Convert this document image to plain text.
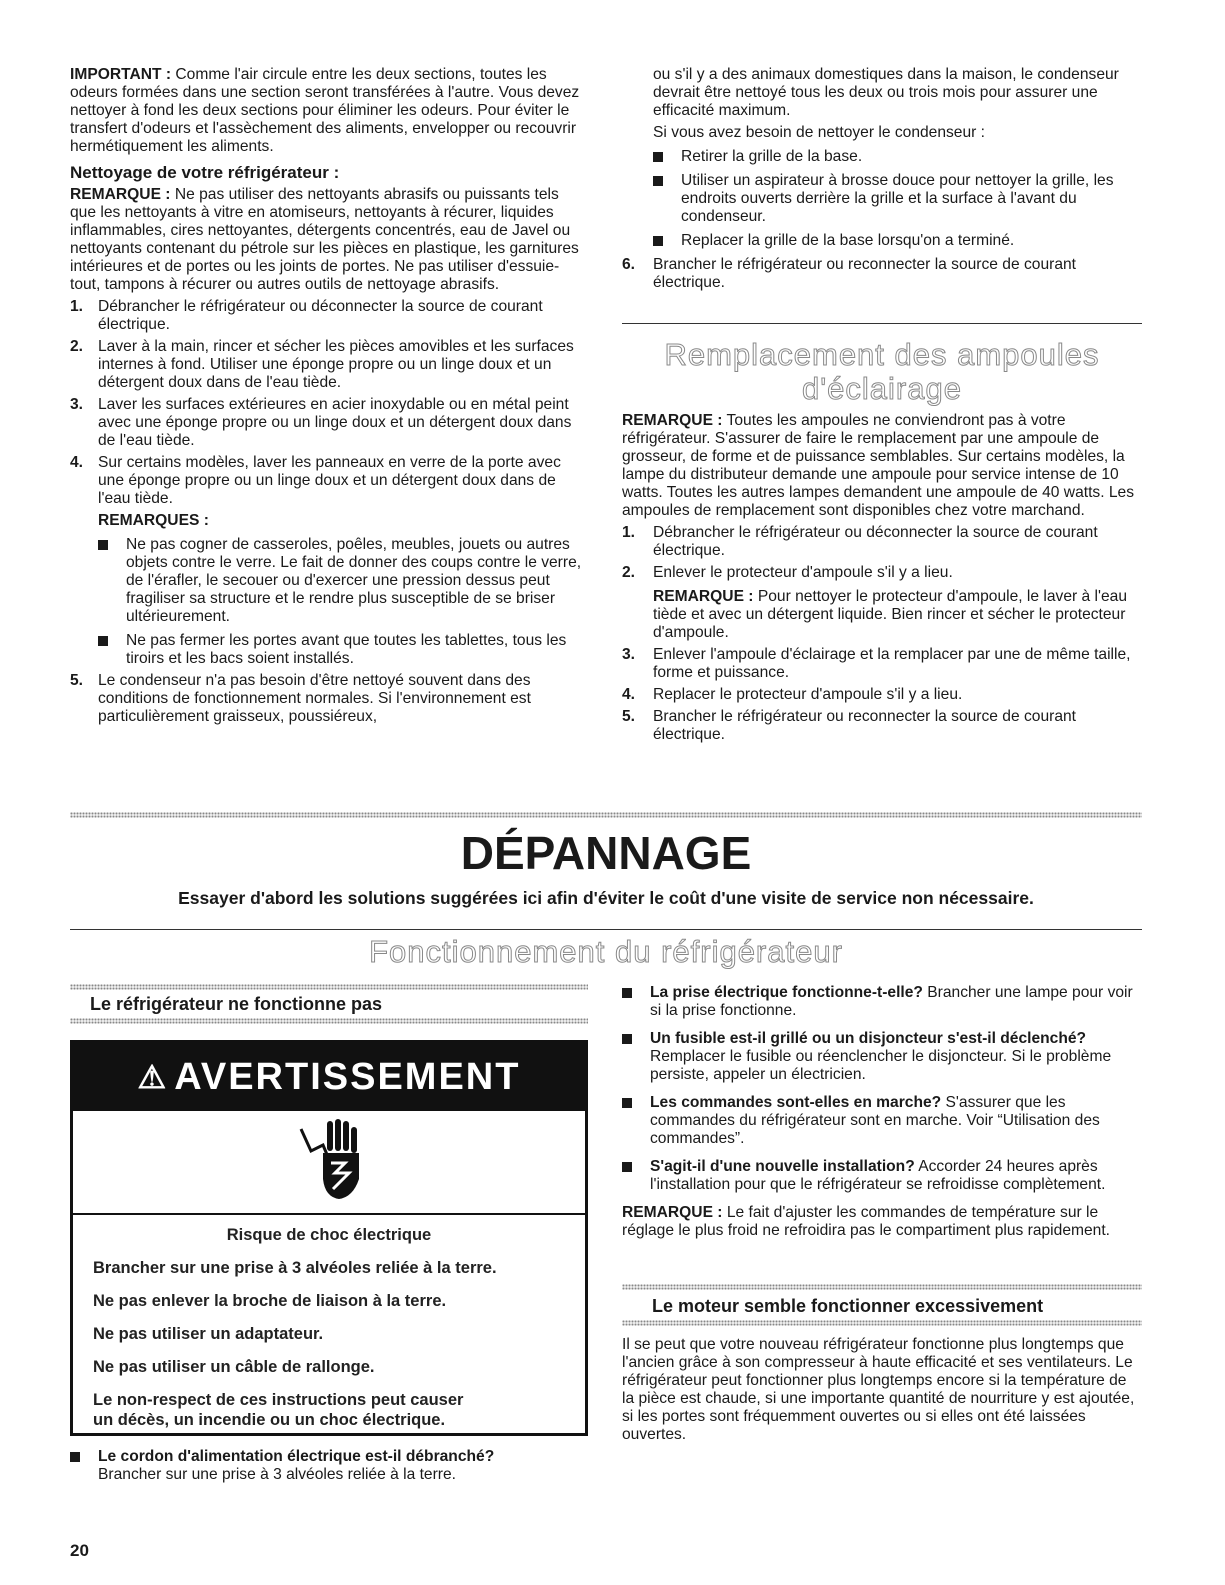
IMPORTANT : Comme l'air circule entre les deux sections, toutes les odeurs formées dans une section seront transférées à l'autre. Vous devez nettoyer à fond les deux sections pour éliminer les odeurs. Pour éviter le transfert d'odeurs et l'assèchement des aliments, envelopper ou recouvrir hermétiquement les aliments.

Nettoyage de votre réfrigérateur :

REMARQUE : Ne pas utiliser des nettoyants abrasifs ou puissants tels que les nettoyants à vitre en atomiseurs, nettoyants à récurer, liquides inflammables, cires nettoyantes, détergents concentrés, eau de Javel ou nettoyants contenant du pétrole sur les pièces en plastique, les garnitures intérieures et de portes ou les joints de portes. Ne pas utiliser d'essuie-tout, tampons à récurer ou autres outils de nettoyage abrasifs.

1. Débrancher le réfrigérateur ou déconnecter la source de courant électrique.
2. Laver à la main, rincer et sécher les pièces amovibles et les surfaces internes à fond. Utiliser une éponge propre ou un linge doux et un détergent doux dans de l'eau tiède.
3. Laver les surfaces extérieures en acier inoxydable ou en métal peint avec une éponge propre ou un linge doux et un détergent doux dans de l'eau tiède.
4. Sur certains modèles, laver les panneaux en verre de la porte avec une éponge propre ou un linge doux et un détergent doux dans de l'eau tiède.

REMARQUES :

Ne pas cogner de casseroles, poêles, meubles, jouets ou autres objets contre le verre. Le fait de donner des coups contre le verre, de l'érafler, le secouer ou d'exercer une pression dessus peut fragiliser sa structure et le rendre plus susceptible de se briser ultérieurement.
Ne pas fermer les portes avant que toutes les tablettes, tous les tiroirs et les bacs soient installés.
5. Le condenseur n'a pas besoin d'être nettoyé souvent dans des conditions de fonctionnement normales. Si l'environnement est particulièrement graisseux, poussiéreux,

ou s'il y a des animaux domestiques dans la maison, le condenseur devrait être nettoyé tous les deux ou trois mois pour assurer une efficacité maximum.

Si vous avez besoin de nettoyer le condenseur :

Retirer la grille de la base.
Utiliser un aspirateur à brosse douce pour nettoyer la grille, les endroits ouverts derrière la grille et la surface à l'avant du condenseur.
Replacer la grille de la base lorsqu'on a terminé.
6.	Brancher le réfrigérateur ou reconnecter la source de courant électrique.

Remplacement des ampoules

d'éclairage

REMARQUE : Toutes les ampoules ne conviendront pas à votre réfrigérateur. S'assurer de faire le remplacement par une ampoule de grosseur, de forme et de puissance semblables. Sur certains modèles, la lampe du distributeur demande une ampoule pour service intense de 10 watts. Toutes les autres lampes demandent une ampoule de 40 watts. Les ampoules de remplacement sont disponibles chez votre marchand.

1.	Débrancher le réfrigérateur ou déconnecter la source de courant électrique.
2.	Enlever le protecteur d'ampoule s'il y a lieu.

REMARQUE : Pour nettoyer le protecteur d'ampoule, le laver à l'eau tiède et avec un détergent liquide. Bien rincer et sécher le protecteur d'ampoule.

3.	Enlever l'ampoule d'éclairage et la remplacer par une de même taille, forme et puissance.
4.	Replacer le protecteur d'ampoule s'il y a lieu.
5.	Brancher le réfrigérateur ou reconnecter la source de courant électrique.

DÉPANNAGE

Essayer d'abord les solutions suggérées ici afin d'éviter le coût d'une visite de service non nécessaire.

Fonctionnement du réfrigérateur

Le réfrigérateur ne fonctionne pas

⚠ AVERTISSEMENT

Risque de choc électrique

Brancher sur une prise à 3 alvéoles reliée à la terre.

Ne pas enlever la broche de liaison à la terre.

Ne pas utiliser un adaptateur.

Ne pas utiliser un câble de rallonge.

Le non-respect de ces instructions peut causer

un décès, un incendie ou un choc électrique.

Le cordon d'alimentation électrique est-il débranché?
Brancher sur une prise à 3 alvéoles reliée à la terre.

20

La prise électrique fonctionne-t-elle? Brancher une lampe pour voir si la prise fonctionne.
Un fusible est-il grillé ou un disjoncteur s'est-il déclenché? Remplacer le fusible ou réenclencher le disjoncteur. Si le problème persiste, appeler un électricien.
Les commandes sont-elles en marche? S'assurer que les commandes du réfrigérateur sont en marche. Voir “Utilisation des commandes”.
S'agit-il d'une nouvelle installation? Accorder 24 heures après l'installation pour que le réfrigérateur se refroidisse complètement.

REMARQUE : Le fait d'ajuster les commandes de température sur le réglage le plus froid ne refroidira pas le compartiment plus rapidement.

Le moteur semble fonctionner excessivement

Il se peut que votre nouveau réfrigérateur fonctionne plus longtemps que l'ancien grâce à son compresseur à haute efficacité et ses ventilateurs. Le réfrigérateur peut fonctionner plus longtemps encore si la température de la pièce est chaude, si une importante quantité de nourriture y est ajoutée, si les portes sont fréquemment ouvertes ou si elles ont été laissées ouvertes.
